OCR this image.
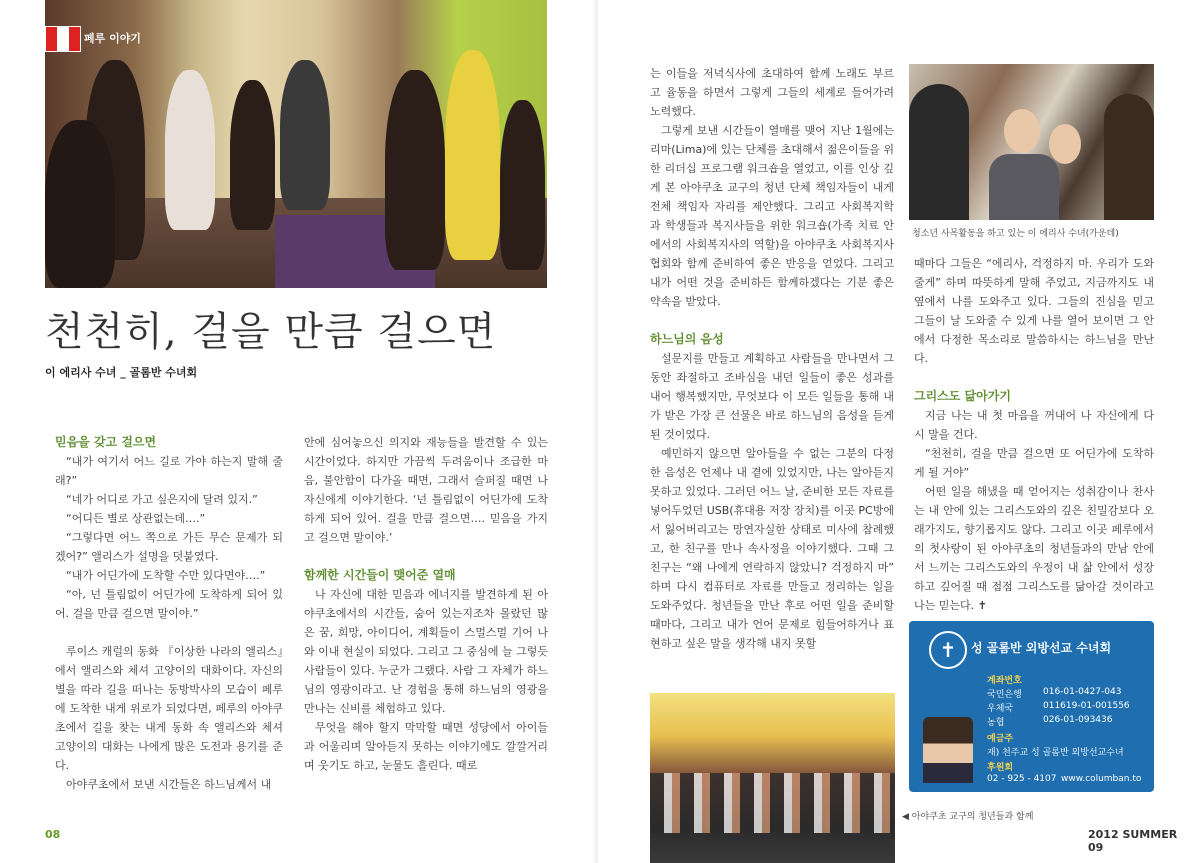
페루 이야기
천천히, 걸을 만큼 걸으면
이 에리사 수녀 _ 골롬반 수녀회

믿음을 갖고 걸으면

“내가 여기서 어느 길로 가야 하는지 말해 줄래?”

“네가 어디로 가고 싶은지에 달려 있지.”

“어디든 별로 상관없는데….”

“그렇다면 어느 쪽으로 가든 무슨 문제가 되겠어?” 앨리스가 설명을 덧붙였다.

“내가 어딘가에 도착할 수만 있다면야….”

“아, 넌 틀림없이 어딘가에 도착하게 되어 있어. 걸을 만큼 걸으면 말이야.”

루이스 캐럴의 동화 『이상한 나라의 앨리스』에서 앨리스와 체셔 고양이의 대화이다. 자신의 별을 따라 길을 떠나는 동방박사의 모습이 페루에 도착한 내게 위로가 되었다면, 페루의 아야쿠초에서 길을 찾는 내게 동화 속 앨리스와 체셔 고양이의 대화는 나에게 많은 도전과 용기를 준다.

아야쿠초에서 보낸 시간들은 하느님께서 내

안에 심어놓으신 의지와 재능들을 발견할 수 있는 시간이었다. 하지만 가끔씩 두려움이나 조급한 마음, 불안함이 다가올 때면, 그래서 슬퍼질 때면 나 자신에게 이야기한다. ‘넌 틀림없이 어딘가에 도착하게 되어 있어. 걸을 만큼 걸으면…. 믿음을 가지고 걸으면 말이야.’

함께한 시간들이 맺어준 열매

나 자신에 대한 믿음과 에너지를 발견하게 된 아야쿠초에서의 시간들, 숨어 있는지조차 몰랐던 많은 꿈, 희망, 아이디어, 계획들이 스멀스멀 기어 나와 이내 현실이 되었다. 그리고 그 중심에 늘 그렇듯 사람들이 있다. 누군가 그랬다. 사람 그 자체가 하느님의 영광이라고. 난 경험을 통해 하느님의 영광을 만나는 신비를 체험하고 있다.

무엇을 해야 할지 막막할 때면 성당에서 아이들과 어울리며 알아듣지 못하는 이야기에도 깔깔거리며 웃기도 하고, 눈물도 흘린다. 때로

08

는 이들을 저녁식사에 초대하여 함께 노래도 부르고 율동을 하면서 그렇게 그들의 세계로 들어가려 노력했다.

그렇게 보낸 시간들이 열매를 맺어 지난 1월에는 리마(Lima)에 있는 단체를 초대해서 젊은이들을 위한 리더십 프로그램 워크숍을 열었고, 이를 인상 깊게 본 아야쿠초 교구의 청년 단체 책임자들이 내게 전체 책임자 자리를 제안했다. 그리고 사회복지학과 학생들과 복지사들을 위한 워크숍(가족 치료 안에서의 사회복지사의 역할)을 아야쿠초 사회복지사 협회와 함께 준비하여 좋은 반응을 얻었다. 그리고 내가 어떤 것을 준비하든 함께하겠다는 기분 좋은 약속을 받았다.

하느님의 음성

설문지를 만들고 계획하고 사람들을 만나면서 그동안 좌절하고 조바심을 내던 일들이 좋은 성과를 내어 행복했지만, 무엇보다 이 모든 일들을 통해 내가 받은 가장 큰 선물은 바로 하느님의 음성을 듣게 된 것이었다.

예민하지 않으면 알아들을 수 없는 그분의 다정한 음성은 언제나 내 곁에 있었지만, 나는 알아듣지 못하고 있었다. 그러던 어느 날, 준비한 모든 자료를 넣어두었던 USB(휴대용 저장 장치)를 이곳 PC방에서 잃어버리고는 망연자실한 상태로 미사에 참례했고, 한 친구를 만나 속사정을 이야기했다. 그때 그 친구는 “왜 나에게 연락하지 않았니? 걱정하지 마” 하며 다시 컴퓨터로 자료를 만들고 정리하는 일을 도와주었다. 청년들을 만난 후로 어떤 일을 준비할 때마다, 그리고 내가 언어 문제로 힘들어하거나 표현하고 싶은 말을 생각해 내지 못할

때마다 그들은 “에리사, 걱정하지 마. 우리가 도와줄게” 하며 따뜻하게 말해 주었고, 지금까지도 내 옆에서 나를 도와주고 있다. 그들의 진심을 믿고 그들이 날 도와줄 수 있게 나를 열어 보이면 그 안에서 다정한 목소리로 말씀하시는 하느님을 만난다.

그리스도 닮아가기

지금 나는 내 첫 마음을 꺼내어 나 자신에게 다시 말을 건다.

“천천히, 걸을 만큼 걸으면 또 어딘가에 도착하게 될 거야”

어떤 일을 해냈을 때 얻어지는 성취감이나 찬사는 내 안에 있는 그리스도와의 깊은 친밀감보다 오래가지도, 향기롭지도 않다. 그리고 이곳 페루에서의 첫사랑이 된 아야쿠초의 청년들과의 만남 안에서 느끼는 그리스도와의 우정이 내 삶 안에서 성장하고 깊어질 때 점점 그리스도를 닮아갈 것이라고 나는 믿는다. ✝

2012 SUMMER 09
청소년 사목활동을 하고 있는 이 에리사 수녀(가운데)
◀ 아야쿠초 교구의 청년들과 함께
✝	성 골롬반 외방선교 수녀회
계좌번호
국민은행 016-01-0427-043
우체국	011619-01-001556
농협	026-01-093436
예금주
재) 천주교 성 골롬반 외방선교수녀
후원회
02 - 925 - 4107 www.columban.to
